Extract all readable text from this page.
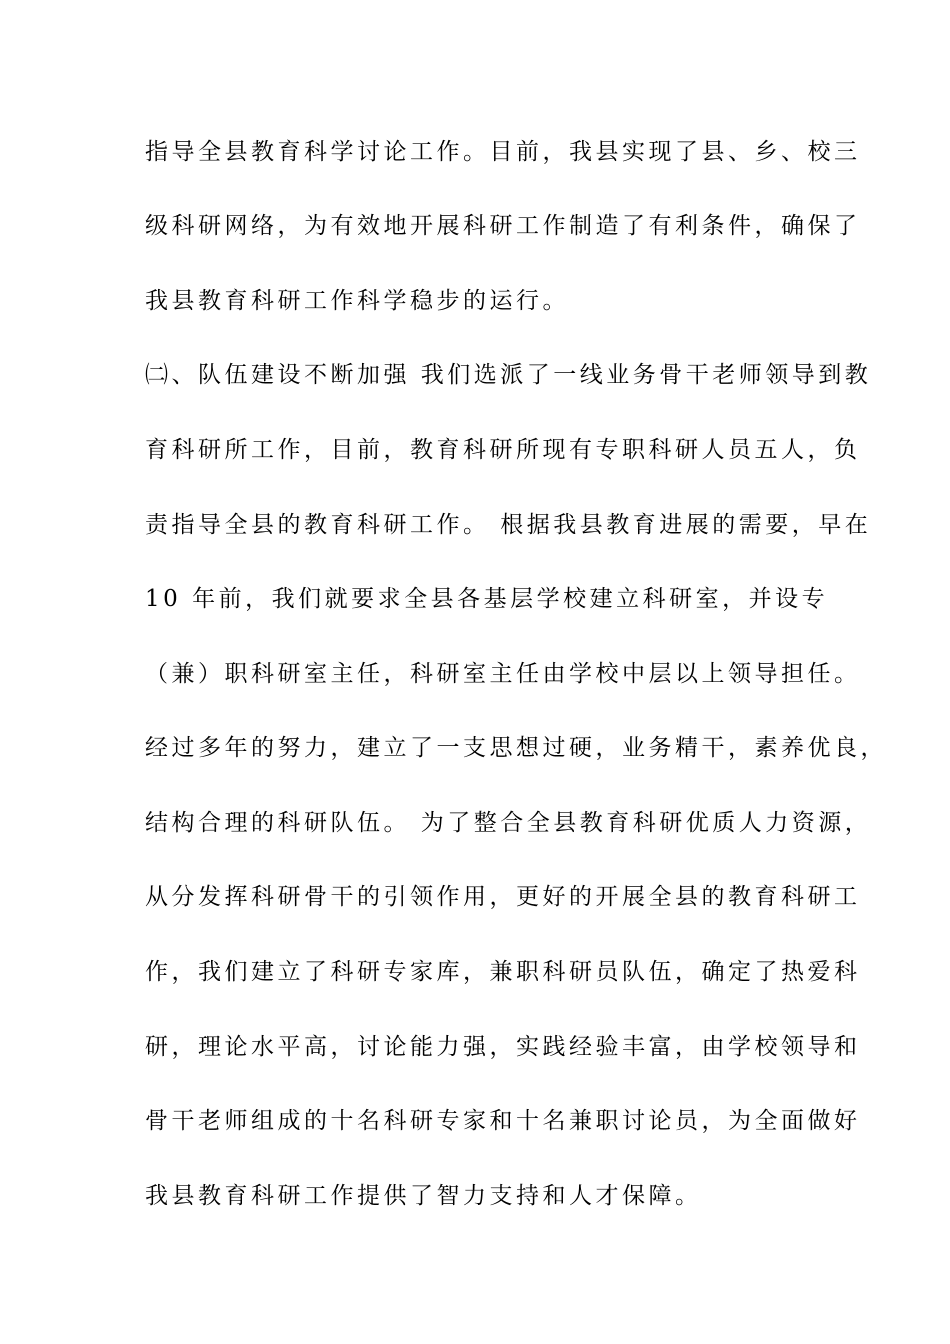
指导全县教育科学讨论工作。目前，我县实现了县、乡、校三

级科研网络，为有效地开展科研工作制造了有利条件，确保了

我县教育科研工作科学稳步的运行。

㈡、队伍建设不断加强 我们选派了一线业务骨干老师领导到教

育科研所工作，目前，教育科研所现有专职科研人员五人，负

责指导全县的教育科研工作。 根据我县教育进展的需要，早在

10 年前，我们就要求全县各基层学校建立科研室，并设专

（兼）职科研室主任，科研室主任由学校中层以上领导担任。

经过多年的努力，建立了一支思想过硬，业务精干，素养优良，

结构合理的科研队伍。 为了整合全县教育科研优质人力资源，

从分发挥科研骨干的引领作用，更好的开展全县的教育科研工

作，我们建立了科研专家库，兼职科研员队伍，确定了热爱科

研，理论水平高，讨论能力强，实践经验丰富，由学校领导和

骨干老师组成的十名科研专家和十名兼职讨论员，为全面做好

我县教育科研工作提供了智力支持和人才保障。
